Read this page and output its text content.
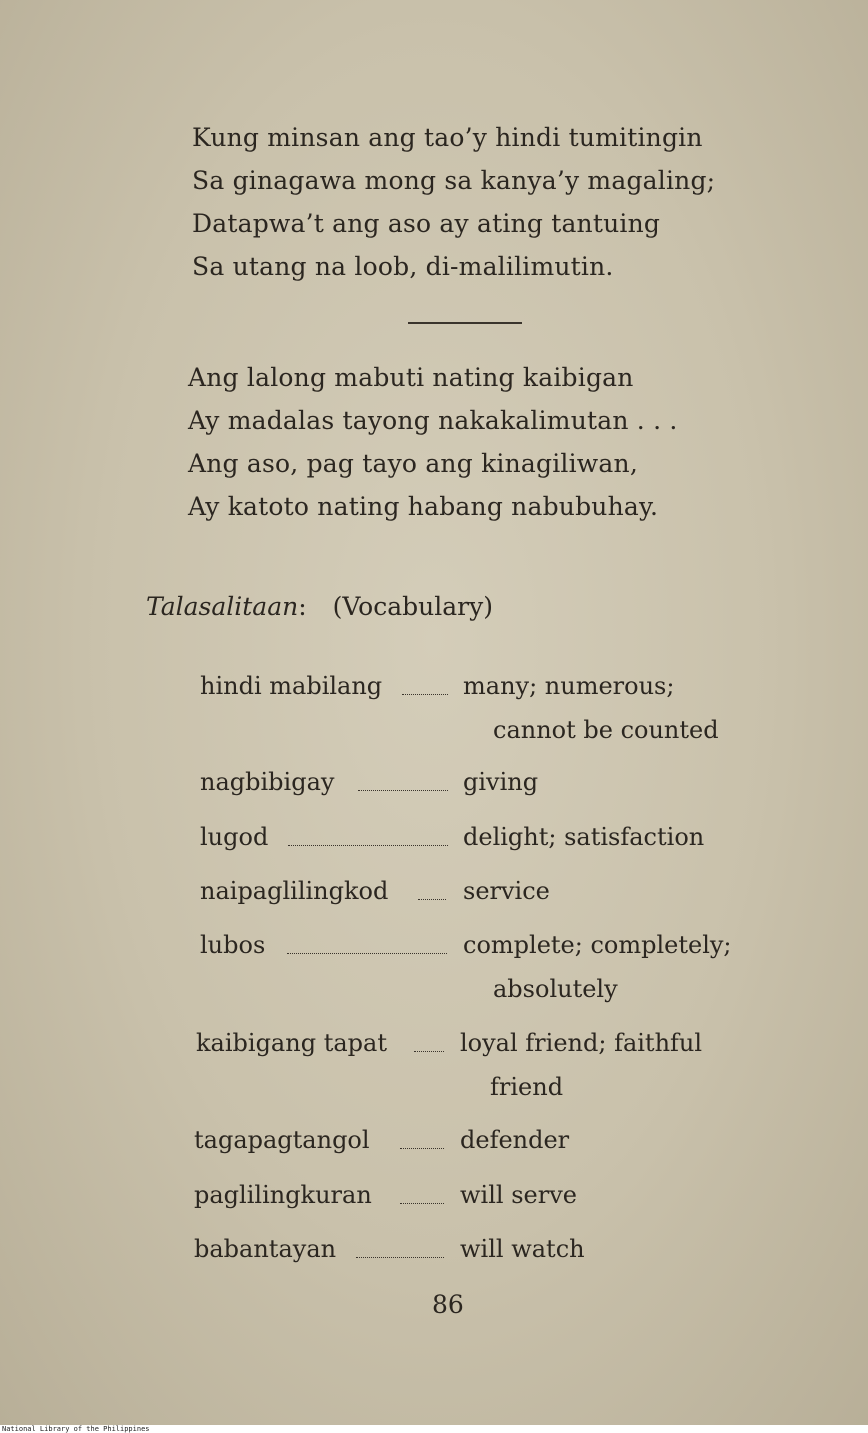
Kung minsan ang tao’y hindi tumitingin
Sa ginagawa mong sa kanya’y magaling;
Datapwa’t ang aso ay ating tantuing
Sa utang na loob, di-malilimutin.
Ang lalong mabuti nating kaibigan
Ay madalas tayong nakakalimutan . . .
Ang aso, pag tayo ang kinagiliwan,
Ay katoto nating habang nabubuhay.
Talasalitaan: (Vocabulary)
hindi mabilang	many; numerous;
cannot be counted
nagbibigay	giving
lugod	delight; satisfaction
naipaglilingkod	service
lubos	complete; completely;
absolutely
kaibigang tapat	loyal friend; faithful
friend
tagapagtangol	defender
paglilingkuran	will serve
babantayan	will watch
86
National Library of the Philippines
